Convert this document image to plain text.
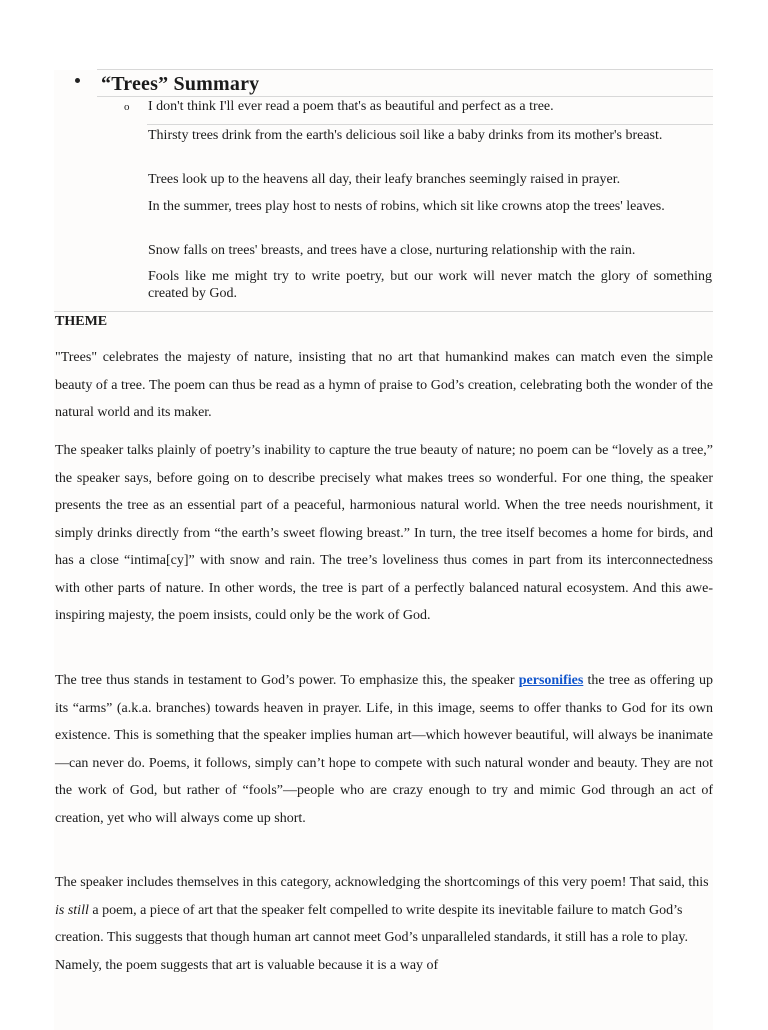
“Trees” Summary
o I don't think I'll ever read a poem that's as beautiful and perfect as a tree.
Thirsty trees drink from the earth's delicious soil like a baby drinks from its mother's breast.
Trees look up to the heavens all day, their leafy branches seemingly raised in prayer.
In the summer, trees play host to nests of robins, which sit like crowns atop the trees' leaves.
Snow falls on trees' breasts, and trees have a close, nurturing relationship with the rain.
Fools like me might try to write poetry, but our work will never match the glory of something created by God.
THEME
"Trees" celebrates the majesty of nature, insisting that no art that humankind makes can match even the simple beauty of a tree. The poem can thus be read as a hymn of praise to God’s creation, celebrating both the wonder of the natural world and its maker.
The speaker talks plainly of poetry’s inability to capture the true beauty of nature; no poem can be “lovely as a tree,” the speaker says, before going on to describe precisely what makes trees so wonderful. For one thing, the speaker presents the tree as an essential part of a peaceful, harmonious natural world. When the tree needs nourishment, it simply drinks directly from “the earth’s sweet flowing breast.” In turn, the tree itself becomes a home for birds, and has a close “intima[cy]” with snow and rain. The tree’s loveliness thus comes in part from its interconnectedness with other parts of nature. In other words, the tree is part of a perfectly balanced natural ecosystem. And this awe-inspiring majesty, the poem insists, could only be the work of God.
The tree thus stands in testament to God’s power. To emphasize this, the speaker personifies the tree as offering up its “arms” (a.k.a. branches) towards heaven in prayer. Life, in this image, seems to offer thanks to God for its own existence. This is something that the speaker implies human art—which however beautiful, will always be inanimate—can never do. Poems, it follows, simply can’t hope to compete with such natural wonder and beauty. They are not the work of God, but rather of “fools”—people who are crazy enough to try and mimic God through an act of creation, yet who will always come up short.
The speaker includes themselves in this category, acknowledging the shortcomings of this very poem! That said, this is still a poem, a piece of art that the speaker felt compelled to write despite its inevitable failure to match God’s creation. This suggests that though human art cannot meet God’s unparalleled standards, it still has a role to play. Namely, the poem suggests that art is valuable because it is a way of
